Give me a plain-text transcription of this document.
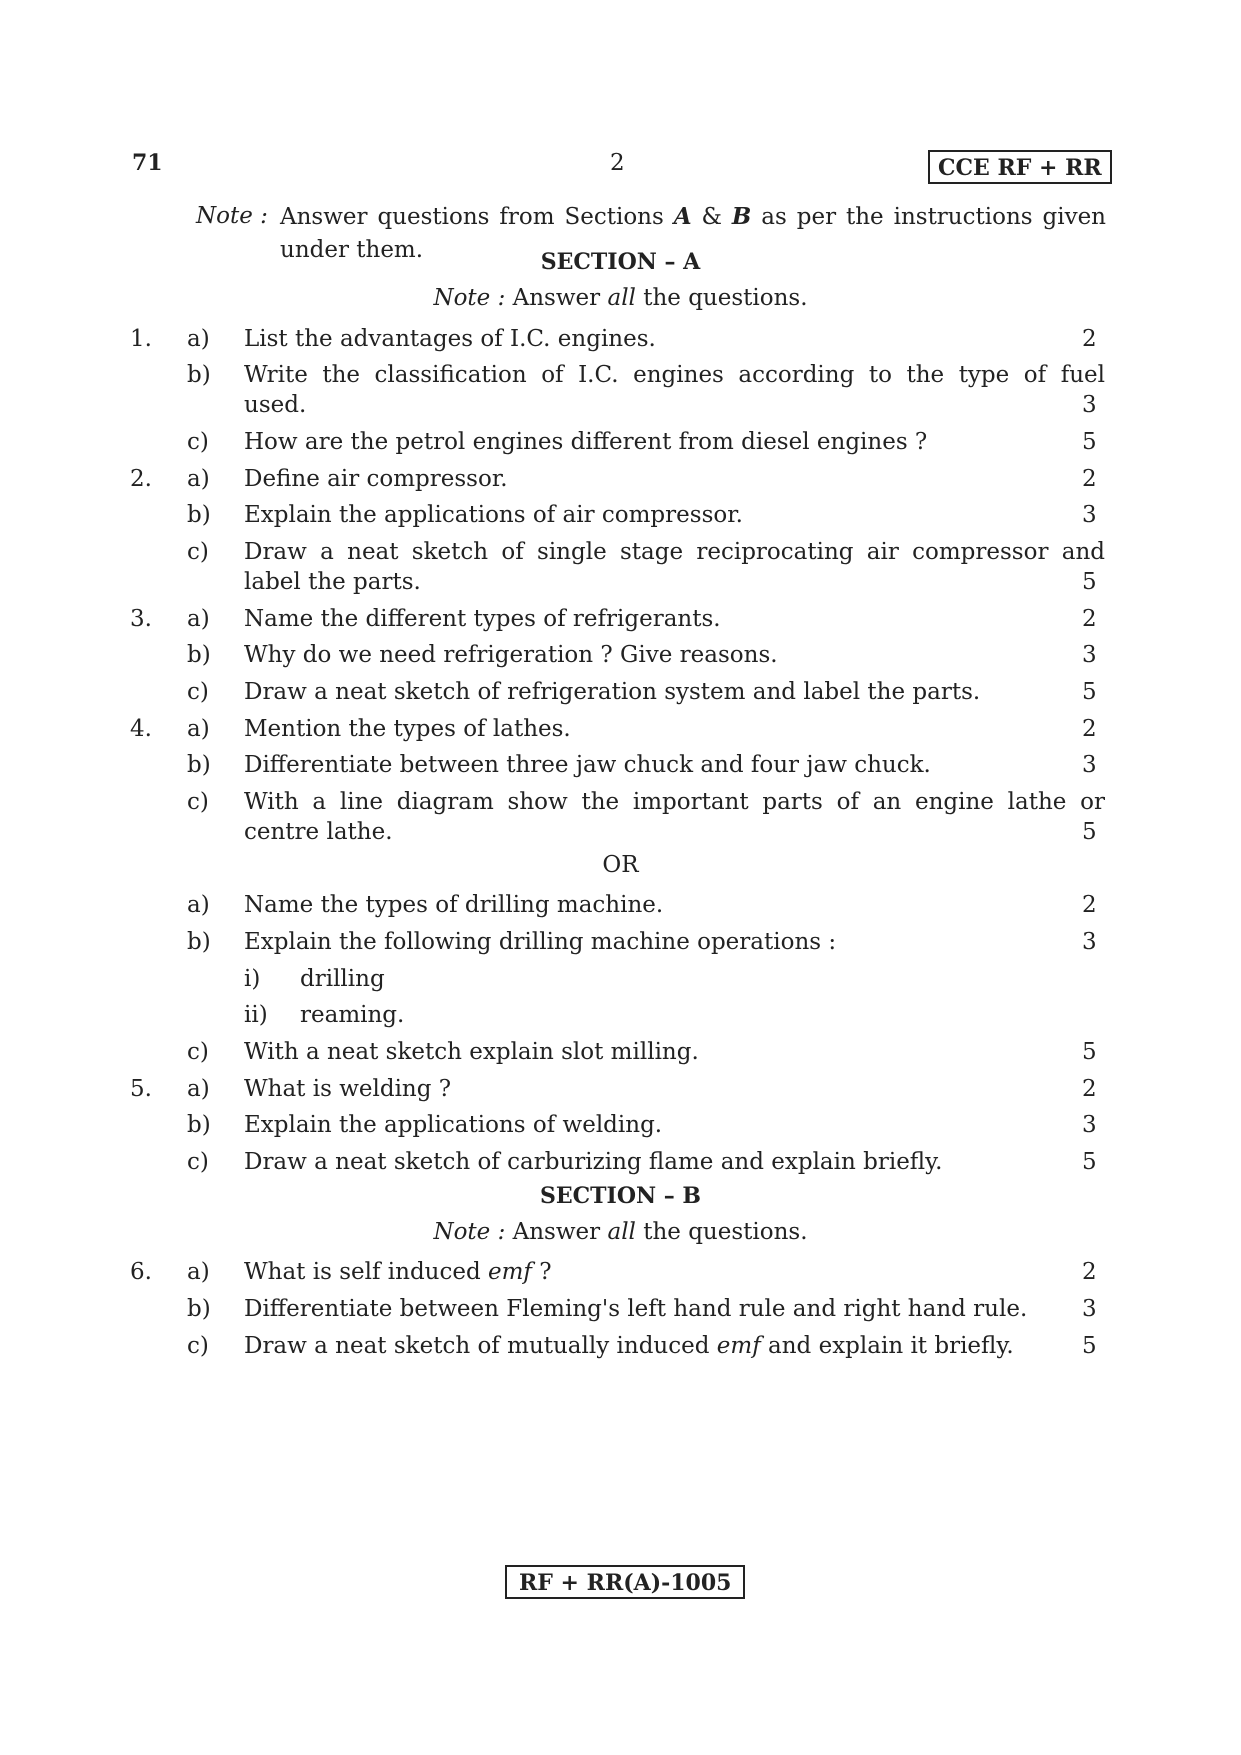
71	2	CCE RF + RR
Note : Answer questions from Sections A & B as per the instructions given under them.	SECTION – A
Note : Answer all the questions.
1. a) List the advantages of I.C. engines.	2
b) Write the classification of I.C. engines according to the type of fuel
used.	3
c) How are the petrol engines different from diesel engines ?	5
2. a) Define air compressor.	2
b) Explain the applications of air compressor.	3
c) Draw a neat sketch of single stage reciprocating air compressor and
label the parts.	5
3. a) Name the different types of refrigerants.	2
b) Why do we need refrigeration ? Give reasons.	3
c) Draw a neat sketch of refrigeration system and label the parts.	5
4. a) Mention the types of lathes.	2
b) Differentiate between three jaw chuck and four jaw chuck.	3
c) With a line diagram show the important parts of an engine lathe or
centre lathe.	5
OR
a) Name the types of drilling machine.	2
b) Explain the following drilling machine operations :	3
i) drilling
ii) reaming.
c) With a neat sketch explain slot milling.	5
5. a) What is welding ?	2
b) Explain the applications of welding.	3
c) Draw a neat sketch of carburizing flame and explain briefly.	5
SECTION – B
Note : Answer all the questions.
6. a) What is self induced emf ?	2
b) Differentiate between Fleming's left hand rule and right hand rule.	3
c) Draw a neat sketch of mutually induced emf and explain it briefly.	5
RF + RR(A)-1005
